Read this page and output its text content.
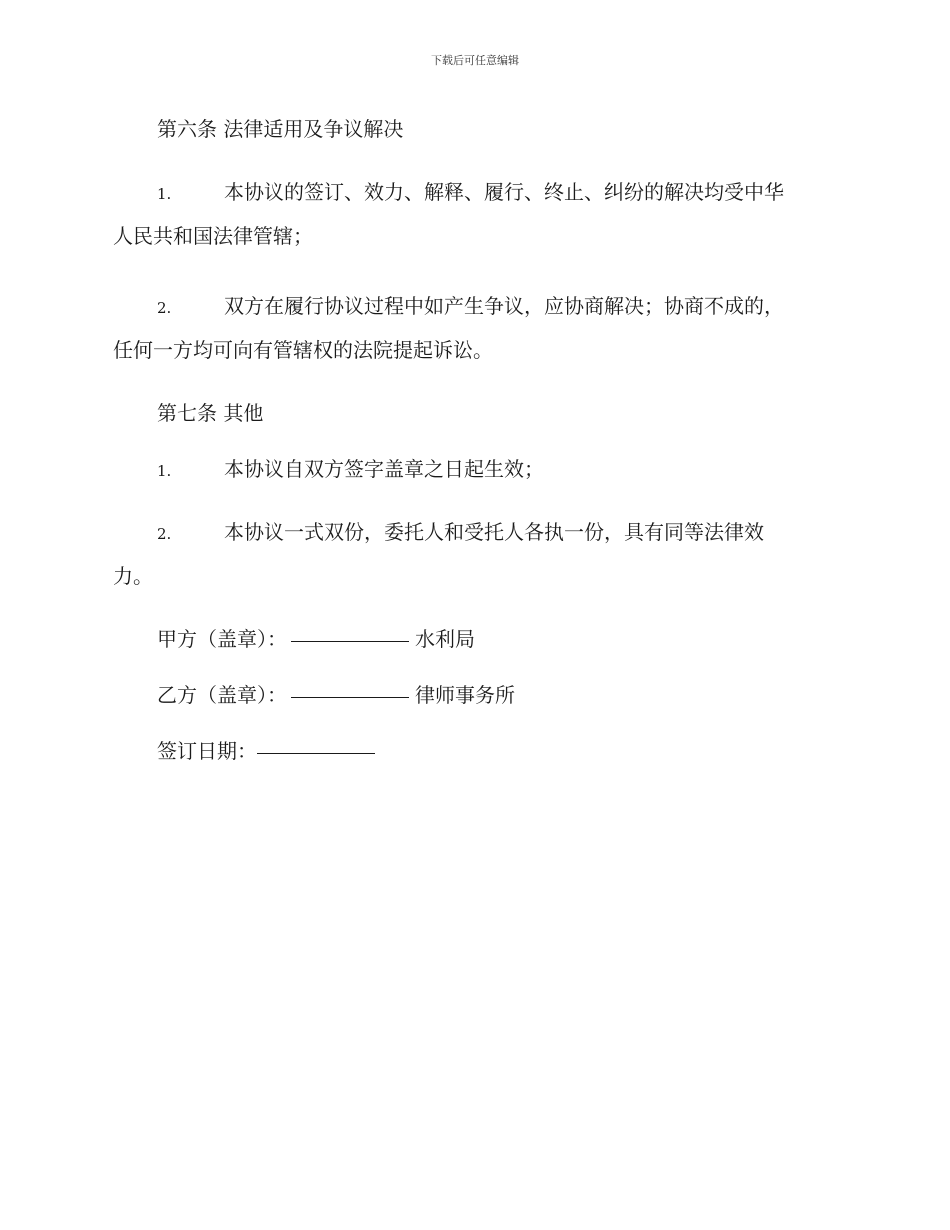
下载后可任意编辑
第六条 法律适用及争议解决
1.	本协议的签订、效力、解释、履行、终止、纠纷的解决均受中华
人民共和国法律管辖；
2.	双方在履行协议过程中如产生争议，应协商解决；协商不成的，
任何一方均可向有管辖权的法院提起诉讼。
第七条 其他
1.	本协议自双方签字盖章之日起生效；
2.	本协议一式双份，委托人和受托人各执一份，具有同等法律效
力。
甲方（盖章）：	水利局
乙方（盖章）：	律师事务所
签订日期：
